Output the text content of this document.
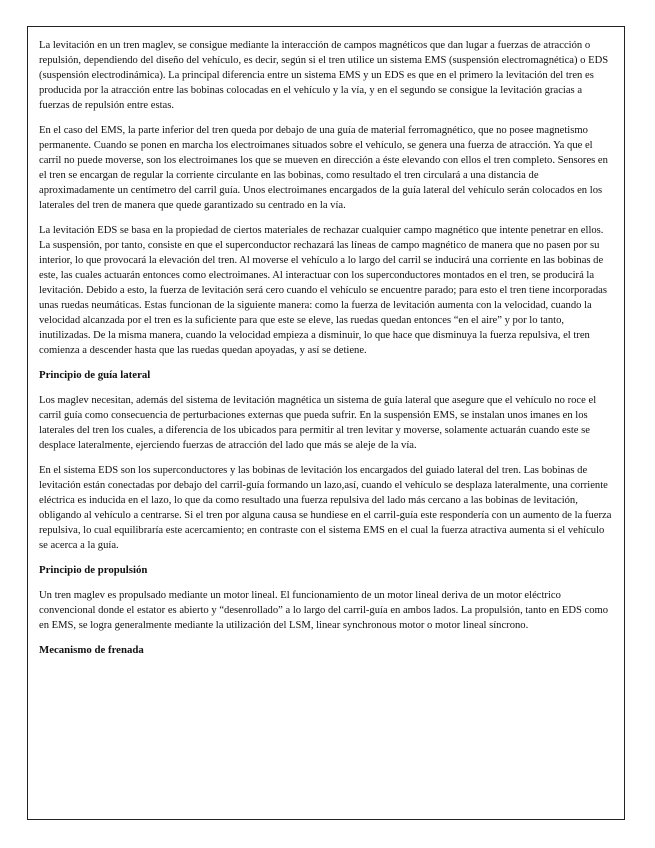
La levitación en un tren maglev, se consigue mediante la interacción de campos magnéticos que dan lugar a fuerzas de atracción o repulsión, dependiendo del diseño del vehículo, es decir, según si el tren utilice un sistema EMS (suspensión electromagnética) o EDS (suspensión electrodinámica). La principal diferencia entre un sistema EMS y un EDS es que en el primero la levitación del tren es producida por la atracción entre las bobinas colocadas en el vehículo y la vía, y en el segundo se consigue la levitación gracias a fuerzas de repulsión entre estas.

En el caso del EMS, la parte inferior del tren queda por debajo de una guía de material ferromagnético, que no posee magnetismo permanente. Cuando se ponen en marcha los electroimanes situados sobre el vehículo, se genera una fuerza de atracción. Ya que el carril no puede moverse, son los electroimanes los que se mueven en dirección a éste elevando con ellos el tren completo. Sensores en el tren se encargan de regular la corriente circulante en las bobinas, como resultado el tren circulará a una distancia de aproximadamente un centímetro del carril guía. Unos electroimanes encargados de la guía lateral del vehículo serán colocados en los laterales del tren de manera que quede garantizado su centrado en la vía.

La levitación EDS se basa en la propiedad de ciertos materiales de rechazar cualquier campo magnético que intente penetrar en ellos. La suspensión, por tanto, consiste en que el superconductor rechazará las líneas de campo magnético de manera que no pasen por su interior, lo que provocará la elevación del tren. Al moverse el vehículo a lo largo del carril se inducirá una corriente en las bobinas de este, las cuales actuarán entonces como electroimanes. Al interactuar con los superconductores montados en el tren, se producirá la levitación. Debido a esto, la fuerza de levitación será cero cuando el vehículo se encuentre parado; para esto el tren tiene incorporadas unas ruedas neumáticas. Estas funcionan de la siguiente manera: como la fuerza de levitación aumenta con la velocidad, cuando la velocidad alcanzada por el tren es la suficiente para que este se eleve, las ruedas quedan entonces “en el aire” y por lo tanto, inutilizadas. De la misma manera, cuando la velocidad empieza a disminuir, lo que hace que disminuya la fuerza repulsiva, el tren comienza a descender hasta que las ruedas quedan apoyadas, y así se detiene.

Principio de guía lateral

Los maglev necesitan, además del sistema de levitación magnética un sistema de guía lateral que asegure que el vehículo no roce el carril guía como consecuencia de perturbaciones externas que pueda sufrir. En la suspensión EMS, se instalan unos imanes en los laterales del tren los cuales, a diferencia de los ubicados para permitir al tren levitar y moverse, solamente actuarán cuando este se desplace lateralmente, ejerciendo fuerzas de atracción del lado que más se aleje de la vía.

En el sistema EDS son los superconductores y las bobinas de levitación los encargados del guiado lateral del tren. Las bobinas de levitación están conectadas por debajo del carril-guía formando un lazo,así, cuando el vehículo se desplaza lateralmente, una corriente eléctrica es inducida en el lazo, lo que da como resultado una fuerza repulsiva del lado más cercano a las bobinas de levitación, obligando al vehículo a centrarse. Si el tren por alguna causa se hundiese en el carril-guía este respondería con un aumento de la fuerza repulsiva, lo cual equilibraría este acercamiento; en contraste con el sistema EMS en el cual la fuerza atractiva aumenta si el vehículo se acerca a la guía.

Principio de propulsión

Un tren maglev es propulsado mediante un motor lineal. El funcionamiento de un motor lineal deriva de un motor eléctrico convencional donde el estator es abierto y “desenrollado” a lo largo del carril-guía en ambos lados. La propulsión, tanto en EDS como en EMS, se logra generalmente mediante la utilización del LSM, linear synchronous motor o motor lineal síncrono.

Mecanismo de frenada
